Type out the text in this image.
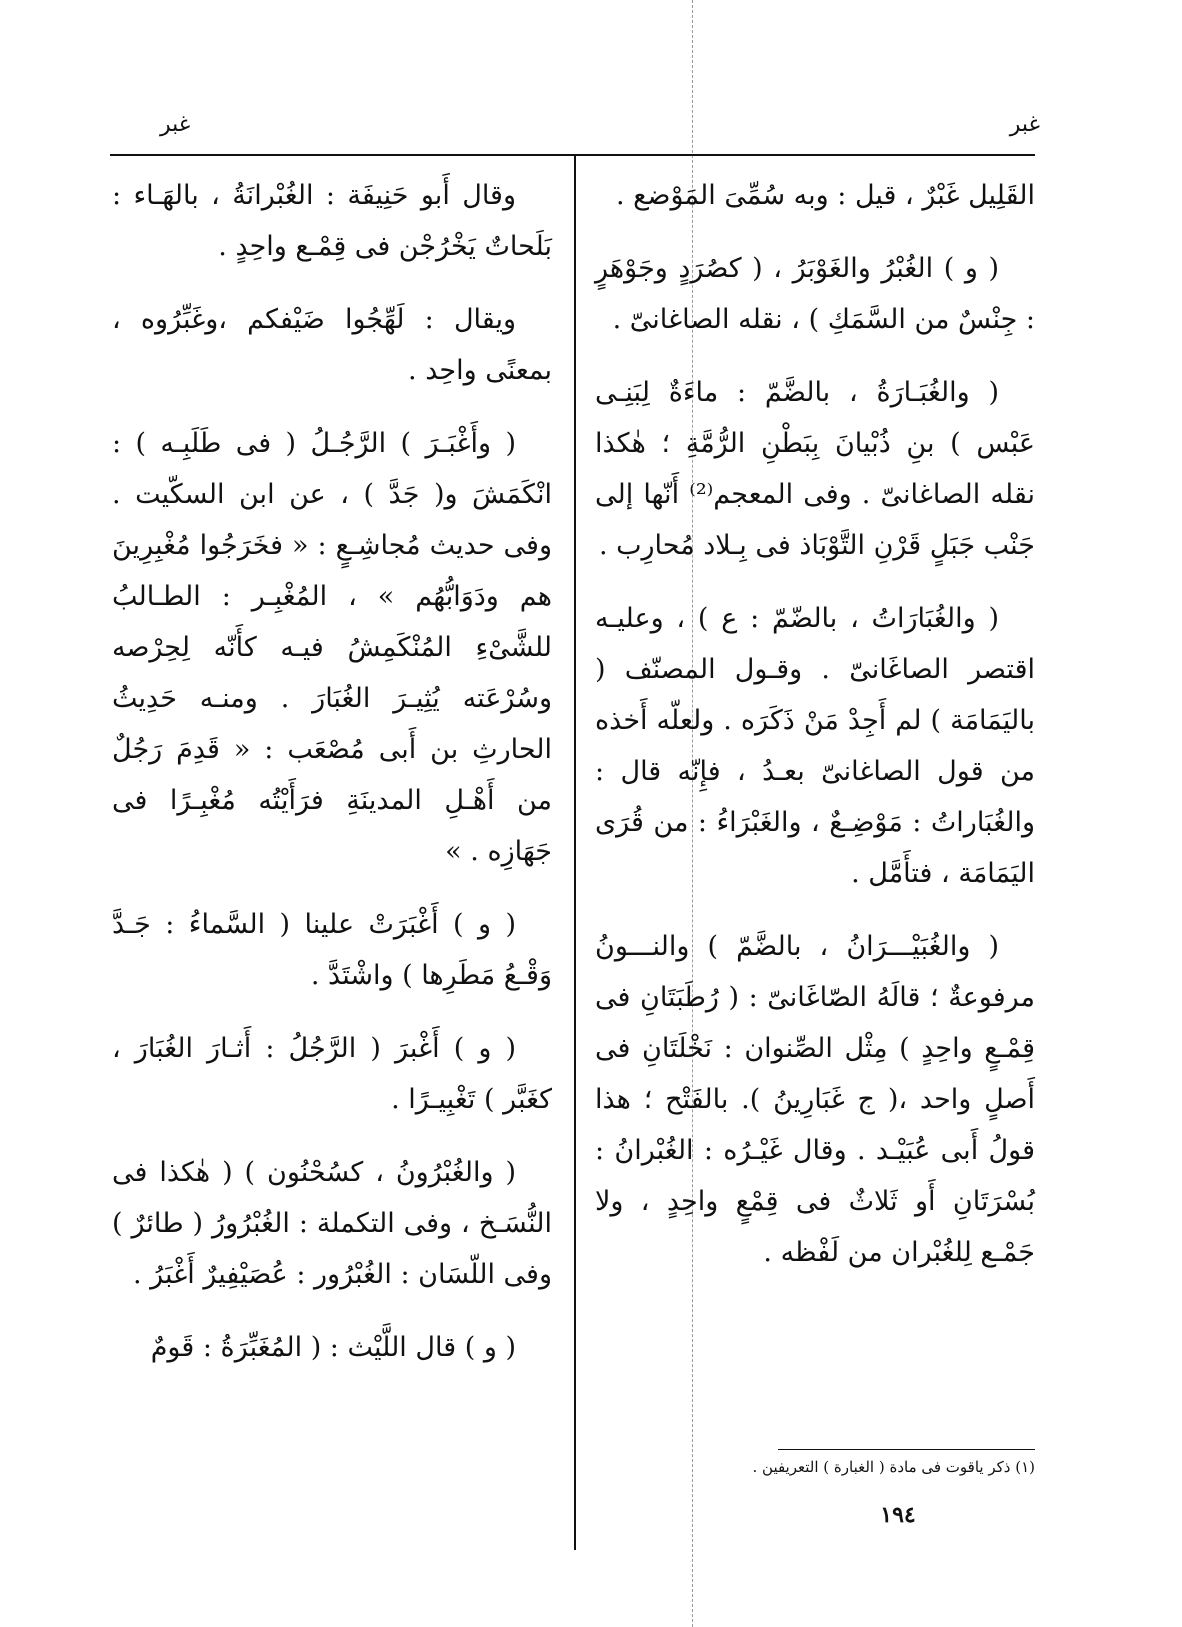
غبر
غبر

القَلِيل غَبْرٌ ، قيل : وبه سُمِّىَ المَوْضع .

( و ) الغُبْرُ والغَوْبَرُ ، ( كصُرَدٍ وجَوْهَرٍ : جِنْسٌ من السَّمَكِ ) ، نقله الصاغانىّ .

( والغُبَـارَةُ ، بالضَّمّ : ماءَةٌ لِبَنِـى عَبْس ) بنِ ذُبْيانَ بِبَطْنِ الرُّمَّةِ ؛ هٰكذا نقله الصاغانىّ . وفى المعجم⁽²⁾ أَنّها إلى جَنْب جَبَلٍ قَرْنِ التَّوْبَاذ فى بِـلاد مُحارِب .

( والغُبَارَاتُ ، بالضّمّ : ع ) ، وعليـه اقتصر الصاغَانىّ . وقـول المصنّف ( باليَمَامَة ) لم أَجِدْ مَنْ ذَكَرَه . ولعلّه أَخذه من قول الصاغانىّ بعـدُ ، فإِنّه قال : والغُبَاراتُ : مَوْضِـعٌ ، والغَبْرَاءُ : من قُرَى اليَمَامَة ، فتأَمَّل .

( والغُبَيْـــرَانُ ، بالضَّمّ ) والنـــونُ مرفوعةٌ ؛ قالَهُ الصّاغَانىّ : ( رُطَبَتَانِ فى قِمْـعٍ واحِدٍ ) مِثْل الصِّنوان : نَخْلَتَانِ فى أَصلٍ واحد ،( ج غَبَارِينُ ). بالفَتْح ؛ هذا قولُ أَبى عُبَيْـد . وقال غَيْـرُه : الغُبْرانُ : بُسْرَتَانِ أَو ثَلاثٌ فى قِمْعٍ واحِدٍ ، ولا جَمْـع لِلغُبْران من لَفْظه .

وقال أَبو حَنِيفَة : الغُبْرانَةُ ، بالهَـاء : بَلَحاتٌ يَخْرُجْن فى قِمْـع واحِدٍ .

ويقال : لَهِّجُوا ضَيْفكم ،وغَبِّرُوه ، بمعنًى واحِد .

( وأَغْبَـرَ ) الرَّجُـلُ ( فى طَلَبِـه ) : انْكَمَشَ و( جَدَّ ) ، عن ابن السكّيت . وفى حديث مُجاشِـعٍ : « فخَرَجُوا مُغْبِرِينَ هم ودَوَابُّهُم » ، المُغْبِـر : الطـالبُ للشَّىْءِ المُنْكَمِشُ فيـه كأَنّه لِحِرْصه وسُرْعَته يُثِيـرَ الغُبَارَ . ومنـه حَدِيثُ الحارثِ بن أَبى مُصْعَب : « قَدِمَ رَجُلٌ من أَهْـلِ المدينَةِ فرَأَيْتُه مُغْبِـرًا فى جَهَازِه . »

( و ) أَغْبَرَتْ علينا ( السَّماءُ : جَـدَّ وَقْـعُ مَطَرِها ) واشْتَدَّ .

( و ) أَغْبرَ ( الرَّجُلُ : أَثـارَ الغُبَارَ ، كغَبَّر ) تَغْبِيـرًا .

( والغُبْرُونُ ، كسُحْنُون ) ( هٰكذا فى النُّسَـخ ، وفى التكملة : الغُبْرُورُ ( طائرٌ ) وفى اللّسَان : الغُبْرُور : عُصَيْفِيرٌ أَغْبَرُ .

( و ) قال اللَّيْث : ( المُغَبِّرَةُ : قَومٌ

(١) ذكر ياقوت فى مادة ( الغبارة ) التعريفين .
١٩٤
